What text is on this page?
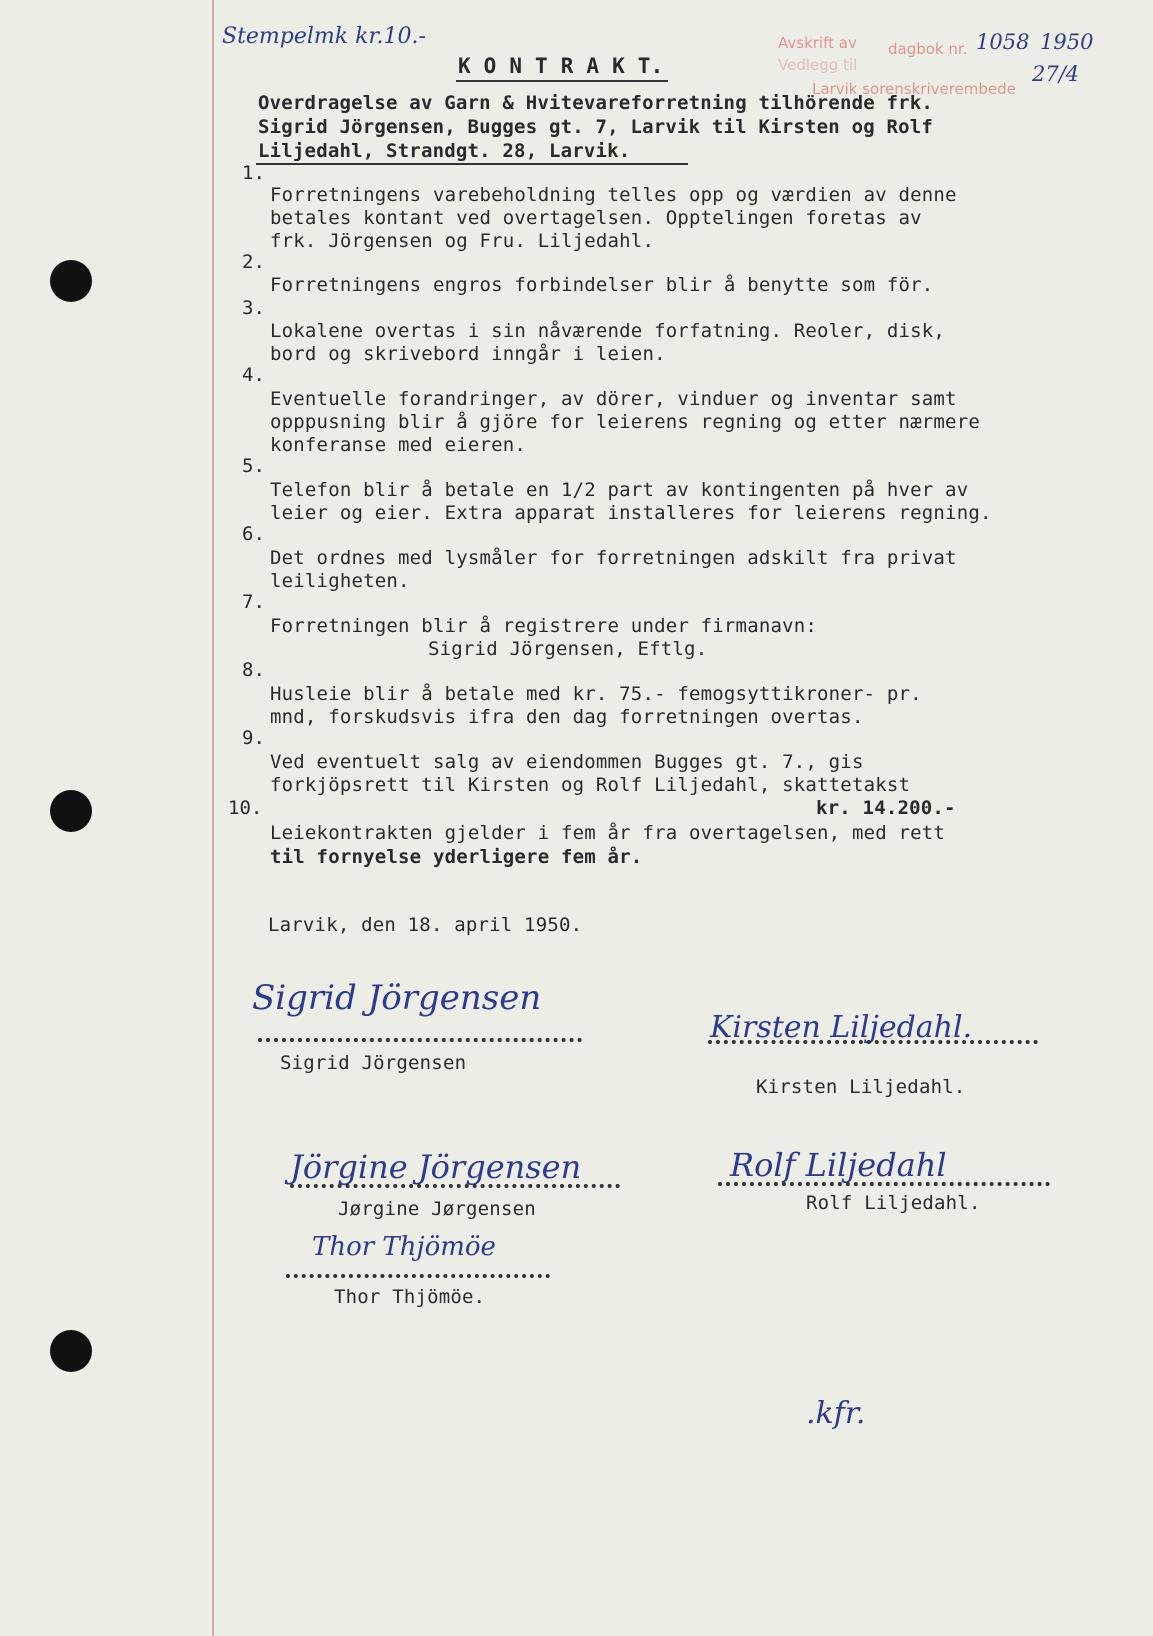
Stempelmk kr.10.-	Avskrift av
Vedlegg til
dagbok nr. 1058 1950
Larvik sorenskriverembede
27/4
K O N T R A K T.
Overdragelse av Garn & Hvitevareforretning tilhörende frk.
Sigrid Jörgensen, Bugges gt. 7, Larvik til Kirsten og Rolf
Liljedahl, Strandgt. 28, Larvik.
1.
Forretningens varebeholdning telles opp og værdien av denne
betales kontant ved overtagelsen. Opptelingen foretas av
frk. Jörgensen og Fru. Liljedahl.
2.
Forretningens engros forbindelser blir å benytte som för.
3.
Lokalene overtas i sin nåværende forfatning. Reoler, disk,
bord og skrivebord inngår i leien.
4.
Eventuelle forandringer, av dörer, vinduer og inventar samt
opppusning blir å gjöre for leierens regning og etter nærmere
konferanse med eieren.
5.
Telefon blir å betale en 1/2 part av kontingenten på hver av
leier og eier. Extra apparat installeres for leierens regning.
6.
Det ordnes med lysmåler for forretningen adskilt fra privat
leiligheten.
7.
Forretningen blir å registrere under firmanavn:
Sigrid Jörgensen, Eftlg.
8.
Husleie blir å betale med kr. 75.- femogsyttikroner- pr.
mnd, forskudsvis ifra den dag forretningen overtas.
9.
Ved eventuelt salg av eiendommen Bugges gt. 7., gis
forkjöpsrett til Kirsten og Rolf Liljedahl, skattetakst
10.	kr. 14.200.-
Leiekontrakten gjelder i fem år fra overtagelsen, med rett
til fornyelse yderligere fem år.
Larvik, den 18. april 1950.
Sigrid Jörgensen
Sigrid Jörgensen
Kirsten Liljedahl.
Kirsten Liljedahl.
Jörgine Jörgensen
Jørgine Jørgensen
Rolf Liljedahl
Rolf Liljedahl.
Thor Thjömöe
Thor Thjömöe.
.kfr.
